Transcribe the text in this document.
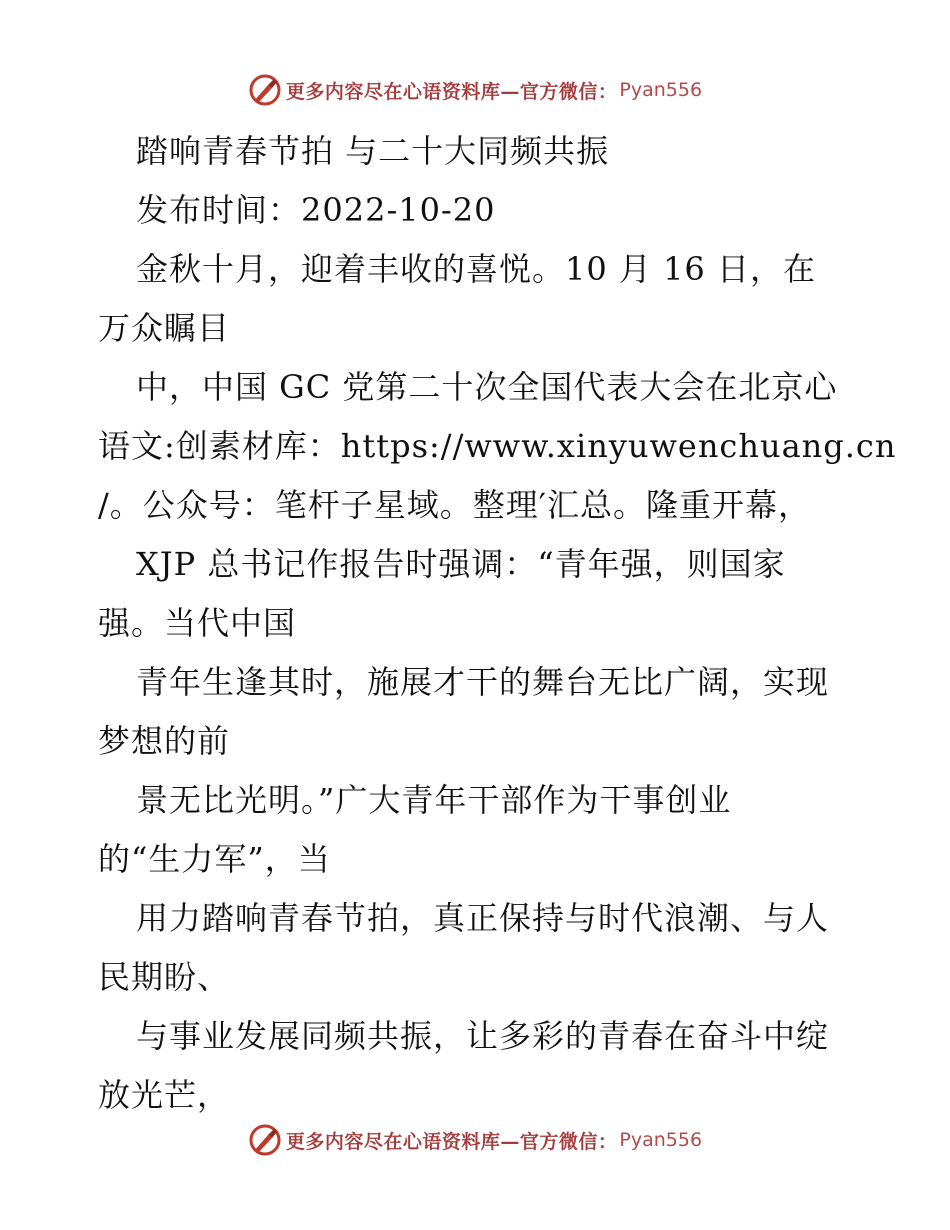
更多内容尽在心语资料库—官方微信： Pyan556
踏响青春节拍 与二十大同频共振
发布时间：2022-10-20
金秋十月，迎着丰收的喜悦。10 月 16 日，在
万众瞩目
中，中国 GC 党第二十次全国代表大会在北京心
语文:创素材库：https://www.xinyuwenchuang.cn
/。公众号：笔杆子星域。整理′汇总。隆重开幕，
XJP 总书记作报告时强调：“青年强，则国家
强。当代中国
青年生逢其时，施展才干的舞台无比广阔，实现
梦想的前
景无比光明。”广大青年干部作为干事创业
的“生力军”，当
用力踏响青春节拍，真正保持与时代浪潮、与人
民期盼、
与事业发展同频共振，让多彩的青春在奋斗中绽
放光芒，
更多内容尽在心语资料库—官方微信： Pyan556
